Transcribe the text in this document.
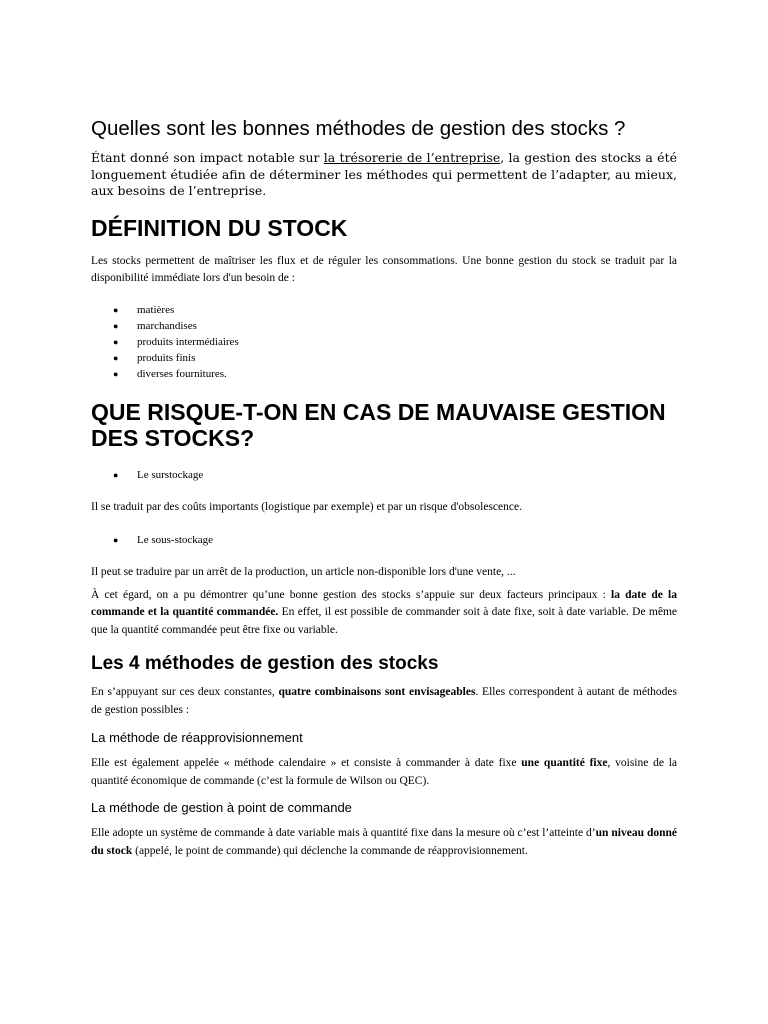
Quelles sont les bonnes méthodes de gestion des stocks ?

Étant donné son impact notable sur la trésorerie de l’entreprise, la gestion des stocks a été longuement étudiée afin de déterminer les méthodes qui permettent de l’adapter, au mieux, aux besoins de l’entreprise.

DÉFINITION DU STOCK

Les stocks permettent de maîtriser les flux et de réguler les consommations. Une bonne gestion du stock se traduit par la disponibilité immédiate lors d'un besoin de :

● matières
● marchandises
● produits intermédiaires
● produits finis
● diverses fournitures.
QUE RISQUE-T-ON EN CAS DE MAUVAISE GESTION DES STOCKS?
● Le surstockage

Il se traduit par des coûts importants (logistique par exemple) et par un risque d'obsolescence.

● Le sous-stockage

Il peut se traduire par un arrêt de la production, un article non-disponible lors d'une vente, ...

À cet égard, on a pu démontrer qu’une bonne gestion des stocks s’appuie sur deux facteurs principaux : la date de la commande et la quantité commandée. En effet, il est possible de commander soit à date fixe, soit à date variable. De même que la quantité commandée peut être fixe ou variable.

Les 4 méthodes de gestion des stocks

En s’appuyant sur ces deux constantes, quatre combinaisons sont envisageables. Elles correspondent à autant de méthodes de gestion possibles :

La méthode de réapprovisionnement

Elle est également appelée « méthode calendaire » et consiste à commander à date fixe une quantité fixe, voisine de la quantité économique de commande (c’est la formule de Wilson ou QEC).

La méthode de gestion à point de commande

Elle adopte un système de commande à date variable mais à quantité fixe dans la mesure où c’est l’atteinte d’un niveau donné du stock (appelé, le point de commande) qui déclenche la commande de réapprovisionnement.
